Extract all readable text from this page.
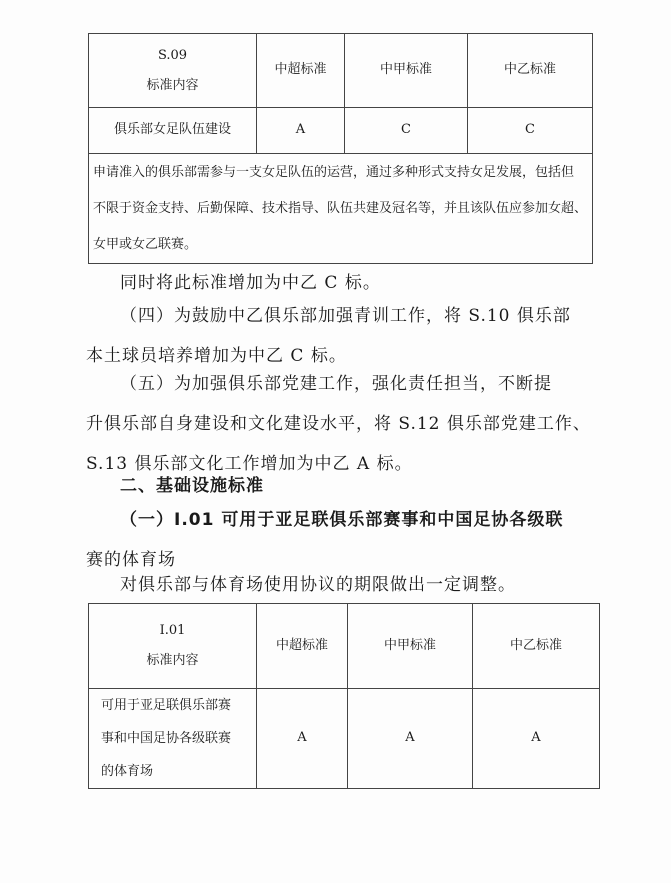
S.09
标准内容	中超标准	中甲标准	中乙标准
俱乐部女足队伍建设	A	C	C

申请准入的俱乐部需参与一支女足队伍的运营，通过多种形式支持女足发展，包括但
不限于资金支持、后勤保障、技术指导、队伍共建及冠名等，并且该队伍应参加女超、
女甲或女乙联赛。			

同时将此标准增加为中乙 C 标。

（四）为鼓励中乙俱乐部加强青训工作，将 S.10 俱乐部
本土球员培养增加为中乙 C 标。
（五）为加强俱乐部党建工作，强化责任担当，不断提
升俱乐部自身建设和文化建设水平，将 S.12 俱乐部党建工作、
S.13 俱乐部文化工作增加为中乙 A 标。

二、基础设施标准

（一）I.01 可用于亚足联俱乐部赛事和中国足协各级联
赛的体育场

对俱乐部与体育场使用协议的期限做出一定调整。

I.01
标准内容	中超标准	中甲标准	中乙标准

可用于亚足联俱乐部赛
事和中国足协各级联赛
的体育场	A	A	A
